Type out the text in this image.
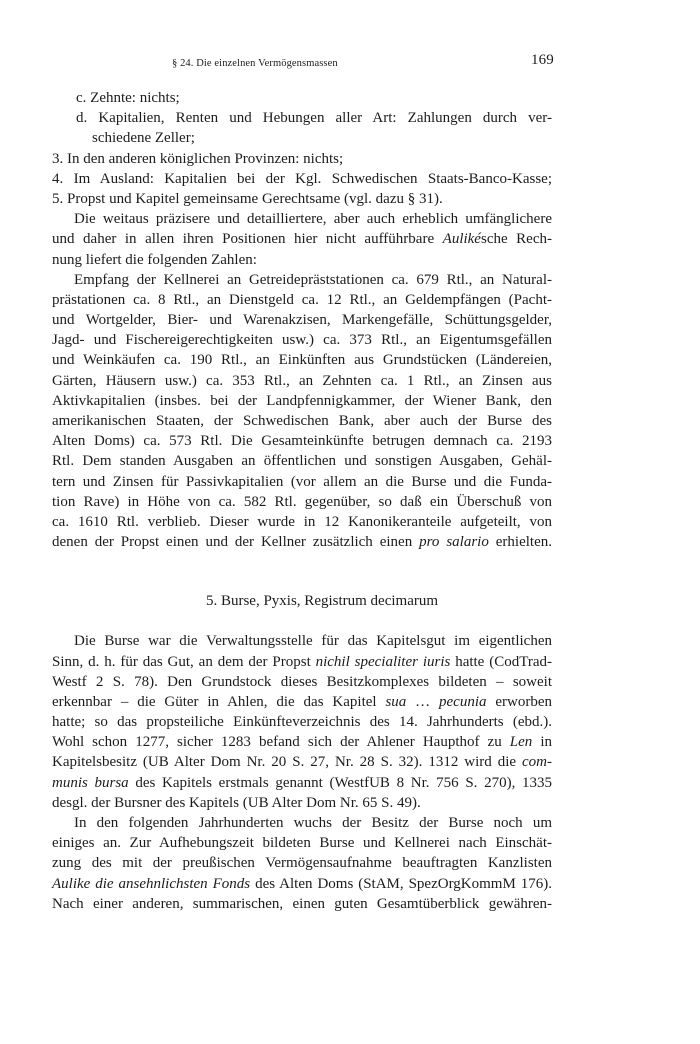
§ 24. Die einzelnen Vermögensmassen	169
c. Zehnte: nichts;
d. Kapitalien, Renten und Hebungen aller Art: Zahlungen durch ver-
schiedene Zeller;
3. In den anderen königlichen Provinzen: nichts;
4. Im Ausland: Kapitalien bei der Kgl. Schwedischen Staats-Banco-Kasse;
5. Propst und Kapitel gemeinsame Gerechtsame (vgl. dazu § 31).
Die weitaus präzisere und detailliertere, aber auch erheblich umfänglichere
und daher in allen ihren Positionen hier nicht aufführbare Aulikésche Rech-
nung liefert die folgenden Zahlen:
Empfang der Kellnerei an Getreidepräststationen ca. 679 Rtl., an Natural-
prästationen ca. 8 Rtl., an Dienstgeld ca. 12 Rtl., an Geldempfängen (Pacht-
und Wortgelder, Bier- und Warenakzisen, Markengefälle, Schüttungsgelder,
Jagd- und Fischereigerechtigkeiten usw.) ca. 373 Rtl., an Eigentumsgefällen
und Weinkäufen ca. 190 Rtl., an Einkünften aus Grundstücken (Ländereien,
Gärten, Häusern usw.) ca. 353 Rtl., an Zehnten ca. 1 Rtl., an Zinsen aus
Aktivkapitalien (insbes. bei der Landpfennigkammer, der Wiener Bank, den
amerikanischen Staaten, der Schwedischen Bank, aber auch der Burse des
Alten Doms) ca. 573 Rtl. Die Gesamteinkünfte betrugen demnach ca. 2193
Rtl. Dem standen Ausgaben an öffentlichen und sonstigen Ausgaben, Gehäl-
tern und Zinsen für Passivkapitalien (vor allem an die Burse und die Funda-
tion Rave) in Höhe von ca. 582 Rtl. gegenüber, so daß ein Überschuß von
ca. 1610 Rtl. verblieb. Dieser wurde in 12 Kanonikeranteile aufgeteilt, von
denen der Propst einen und der Kellner zusätzlich einen pro salario erhielten.
5. Burse, Pyxis, Registrum decimarum
Die Burse war die Verwaltungsstelle für das Kapitelsgut im eigentlichen
Sinn, d. h. für das Gut, an dem der Propst nichil specialiter iuris hatte (CodTrad-
Westf 2 S. 78). Den Grundstock dieses Besitzkomplexes bildeten – soweit
erkennbar – die Güter in Ahlen, die das Kapitel sua … pecunia erworben
hatte; so das propsteiliche Einkünfteverzeichnis des 14. Jahrhunderts (ebd.).
Wohl schon 1277, sicher 1283 befand sich der Ahlener Haupthof zu Len in
Kapitelsbesitz (UB Alter Dom Nr. 20 S. 27, Nr. 28 S. 32). 1312 wird die com-
munis bursa des Kapitels erstmals genannt (WestfUB 8 Nr. 756 S. 270), 1335
desgl. der Bursner des Kapitels (UB Alter Dom Nr. 65 S. 49).
In den folgenden Jahrhunderten wuchs der Besitz der Burse noch um
einiges an. Zur Aufhebungszeit bildeten Burse und Kellnerei nach Einschät-
zung des mit der preußischen Vermögensaufnahme beauftragten Kanzlisten
Aulike die ansehnlichsten Fonds des Alten Doms (StAM, SpezOrgKommM 176).
Nach einer anderen, summarischen, einen guten Gesamtüberblick gewähren-
